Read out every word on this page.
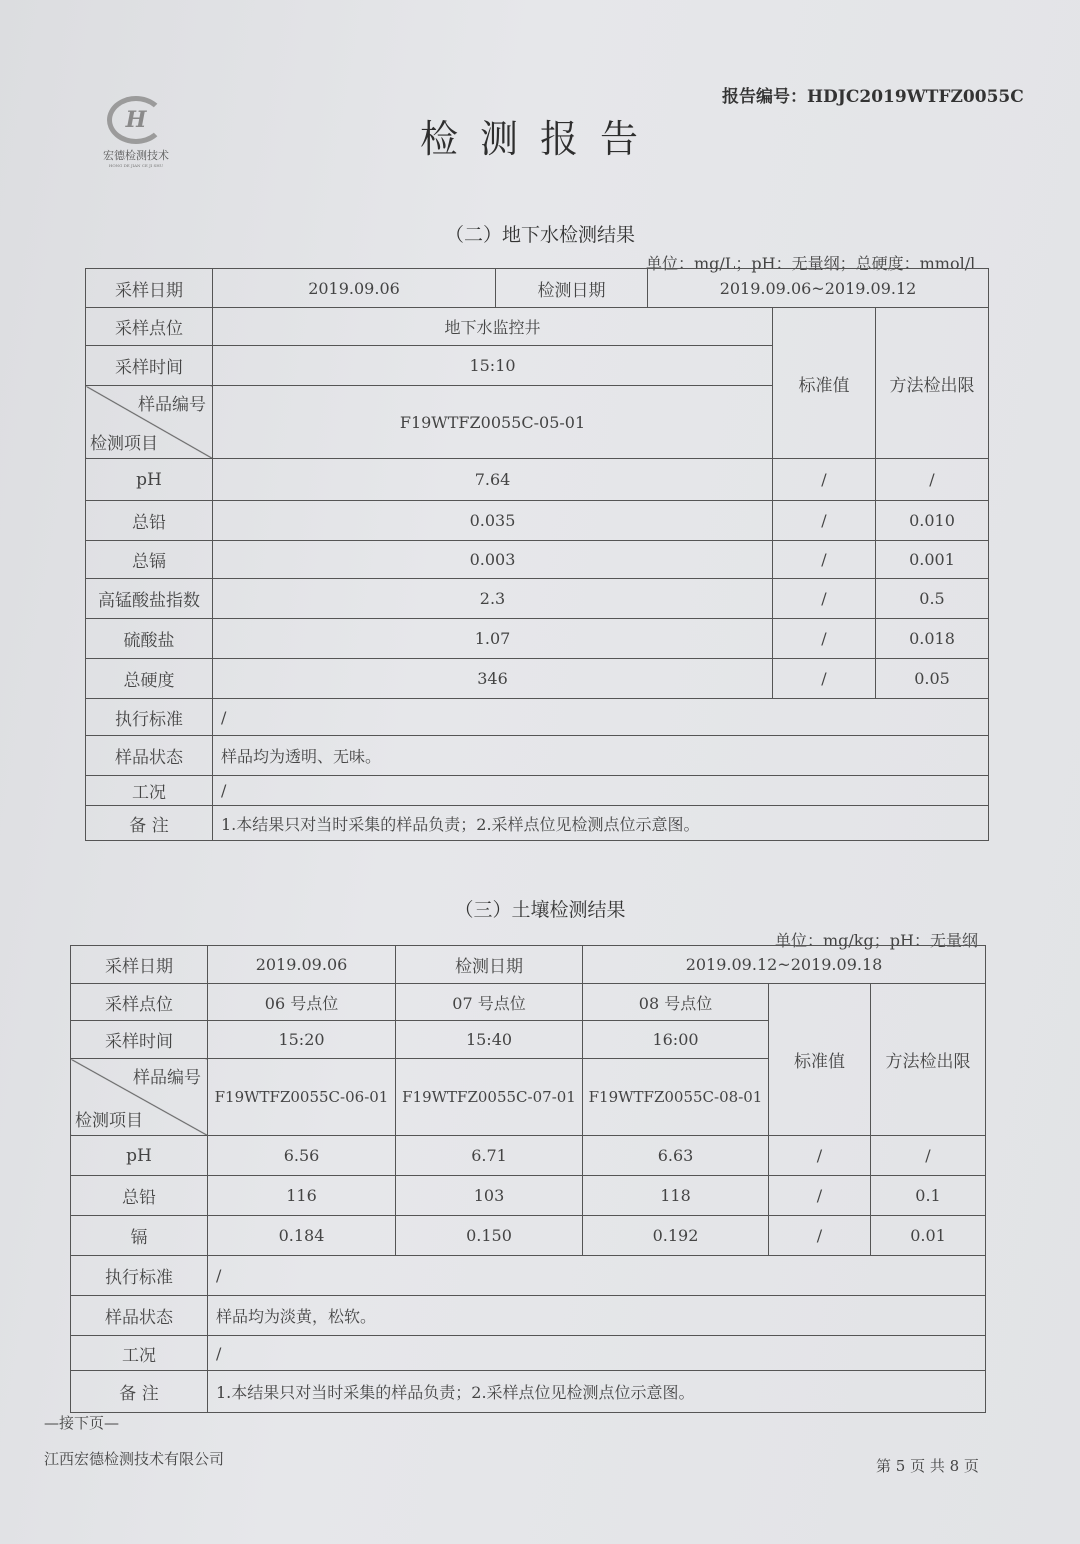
H
宏德检测技术
HONG DE JIAN CE JI SHU
报告编号：HDJC2019WTFZ0055C
检测报告
（二）地下水检测结果
单位：mg/L；pH：无量纲；总硬度：mmol/l
采样日期	2019.09.06	检测日期	2019.09.06~2019.09.12		
采样点位	地下水监控井			标准值	方法检出限
采样时间	15:10				

样品编号
检测项目	F19WTFZ0055C-05-01				
pH	7.64			/	/
总铅	0.035			/	0.010
总镉	0.003			/	0.001
高锰酸盐指数	2.3			/	0.5
硫酸盐	1.07			/	0.018
总硬度	346			/	0.05
执行标准	/				
样品状态	样品均为透明、无味。				
工况	/				
备 注	1.本结果只对当时采集的样品负责；2.采样点位见检测点位示意图。				
（三）土壤检测结果
单位：mg/kg；pH：无量纲
采样日期	2019.09.06	检测日期	2019.09.12~2019.09.18		
采样点位	06 号点位	07 号点位	08 号点位	标准值	方法检出限
采样时间	15:20	15:40	16:00		

样品编号
检测项目	F19WTFZ0055C-06-01	F19WTFZ0055C-07-01	F19WTFZ0055C-08-01		
pH	6.56	6.71	6.63	/	/
总铅	116	103	118	/	0.1
镉	0.184	0.150	0.192	/	0.01
执行标准	/				
样品状态	样品均为淡黄，松软。				
工况	/				
备 注	1.本结果只对当时采集的样品负责；2.采样点位见检测点位示意图。				
—接下页—
江西宏德检测技术有限公司	第 5 页 共 8 页
